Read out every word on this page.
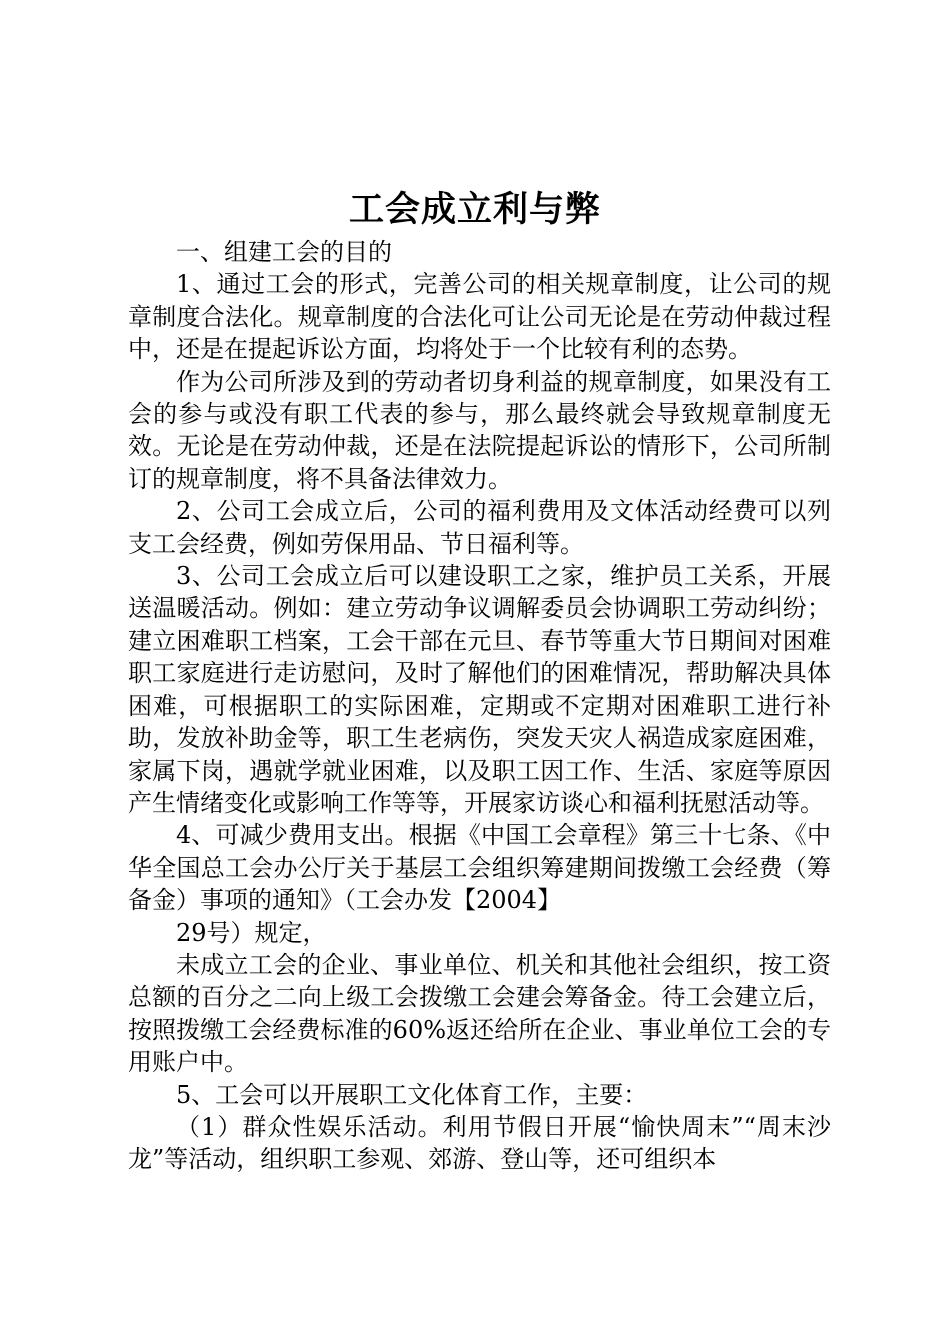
工会成立利与弊

一、组建工会的目的

1、通过工会的形式，完善公司的相关规章制度，让公司的规章制度合法化。规章制度的合法化可让公司无论是在劳动仲裁过程中，还是在提起诉讼方面，均将处于一个比较有利的态势。

作为公司所涉及到的劳动者切身利益的规章制度，如果没有工会的参与或没有职工代表的参与，那么最终就会导致规章制度无效。无论是在劳动仲裁，还是在法院提起诉讼的情形下，公司所制订的规章制度，将不具备法律效力。

2、公司工会成立后，公司的福利费用及文体活动经费可以列支工会经费，例如劳保用品、节日福利等。

3、公司工会成立后可以建设职工之家，维护员工关系，开展送温暖活动。例如：建立劳动争议调解委员会协调职工劳动纠纷；建立困难职工档案，工会干部在元旦、春节等重大节日期间对困难职工家庭进行走访慰问，及时了解他们的困难情况，帮助解决具体困难，可根据职工的实际困难，定期或不定期对困难职工进行补助，发放补助金等，职工生老病伤，突发天灾人祸造成家庭困难，家属下岗，遇就学就业困难，以及职工因工作、生活、家庭等原因产生情绪变化或影响工作等等，开展家访谈心和福利抚慰活动等。

4、可减少费用支出。根据《中国工会章程》第三十七条、《中华全国总工会办公厅关于基层工会组织筹建期间拨缴工会经费（筹备金）事项的通知》（工会办发【2004】

29号）规定，

未成立工会的企业、事业单位、机关和其他社会组织，按工资总额的百分之二向上级工会拨缴工会建会筹备金。待工会建立后，按照拨缴工会经费标准的60%返还给所在企业、事业单位工会的专用账户中。

5、工会可以开展职工文化体育工作，主要：

（1）群众性娱乐活动。利用节假日开展“愉快周末”“周末沙龙”等活动，组织职工参观、郊游、登山等，还可组织本
